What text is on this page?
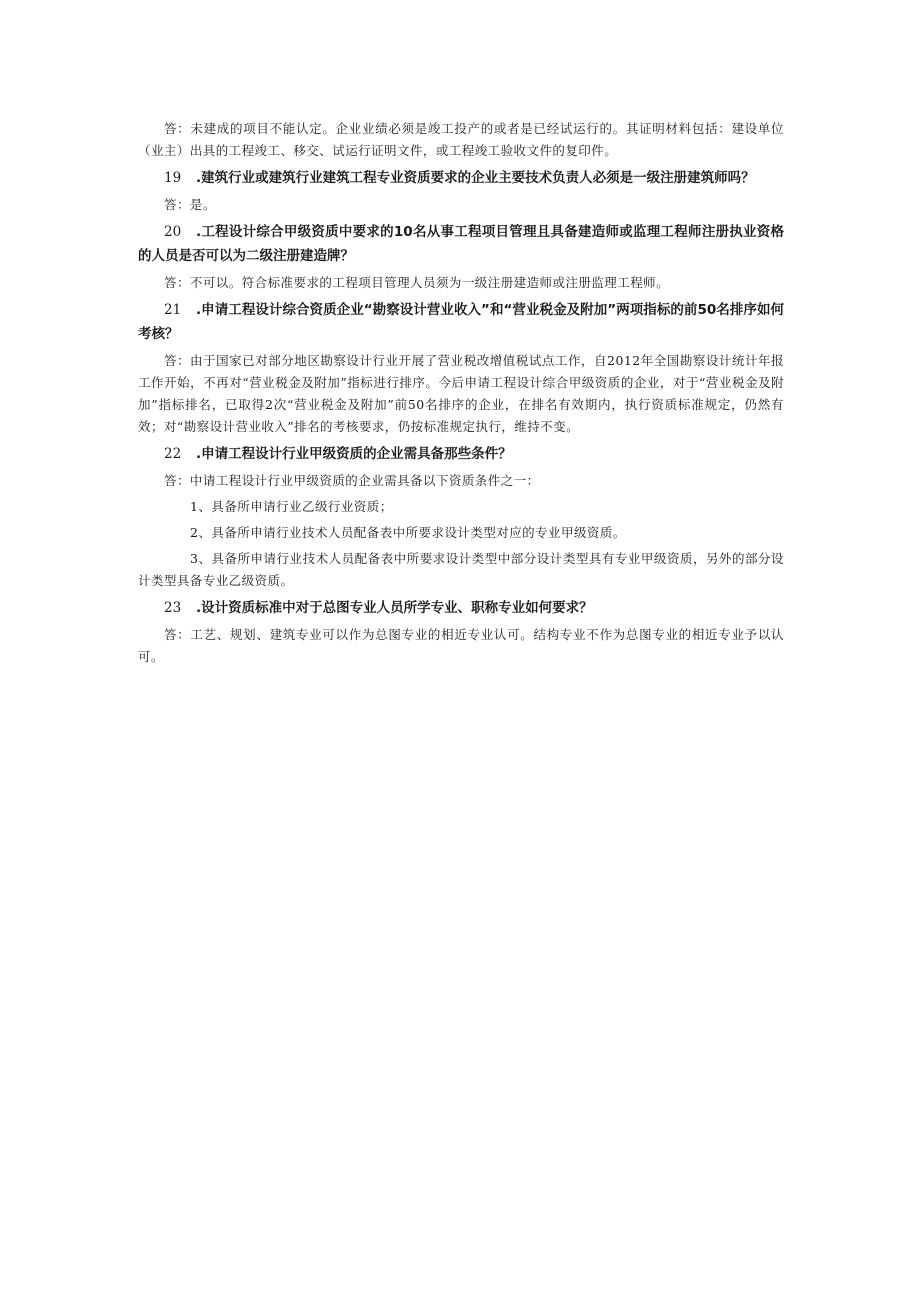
答：未建成的项目不能认定。企业业绩必须是竣工投产的或者是已经试运行的。其证明材料包括：建设单位（业主）出具的工程竣工、移交、试运行证明文件，或工程竣工验收文件的复印件。

19 .建筑行业或建筑行业建筑工程专业资质要求的企业主要技术负责人必须是一级注册建筑师吗？

答：是。

20 .工程设计综合甲级资质中要求的10名从事工程项目管理且具备建造师或监理工程师注册执业资格的人员是否可以为二级注册建造牌？

答：不可以。符合标准要求的工程项目管理人员须为一级注册建造师或注册监理工程师。

21 .申请工程设计综合资质企业“勘察设计营业收入”和“营业税金及附加”两项指标的前50名排序如何考核？

答：由于国家已对部分地区勘察设计行业开展了营业税改增值税试点工作，自2012年全国勘察设计统计年报工作开始，不再对“营业税金及附加”指标进行排序。今后申请工程设计综合甲级资质的企业，对于“营业税金及附加”指标排名，已取得2次“营业税金及附加”前50名排序的企业，在排名有效期内，执行资质标准规定，仍然有效；对“勘察设计营业收入”排名的考核要求，仍按标准规定执行，维持不变。

22 .申请工程设计行业甲级资质的企业需具备那些条件？

答：中请工程设计行业甲级资质的企业需具备以下资质条件之一：

1、具备所申请行业乙级行业资质；

2、具备所申请行业技术人员配备表中所要求设计类型对应的专业甲级资质。

3、具备所申请行业技术人员配备表中所要求设计类型中部分设计类型具有专业甲级资质，另外的部分设计类型具备专业乙级资质。

23 .设计资质标准中对于总图专业人员所学专业、职称专业如何要求？

答：工艺、规划、建筑专业可以作为总图专业的相近专业认可。结构专业不作为总图专业的相近专业予以认可。
